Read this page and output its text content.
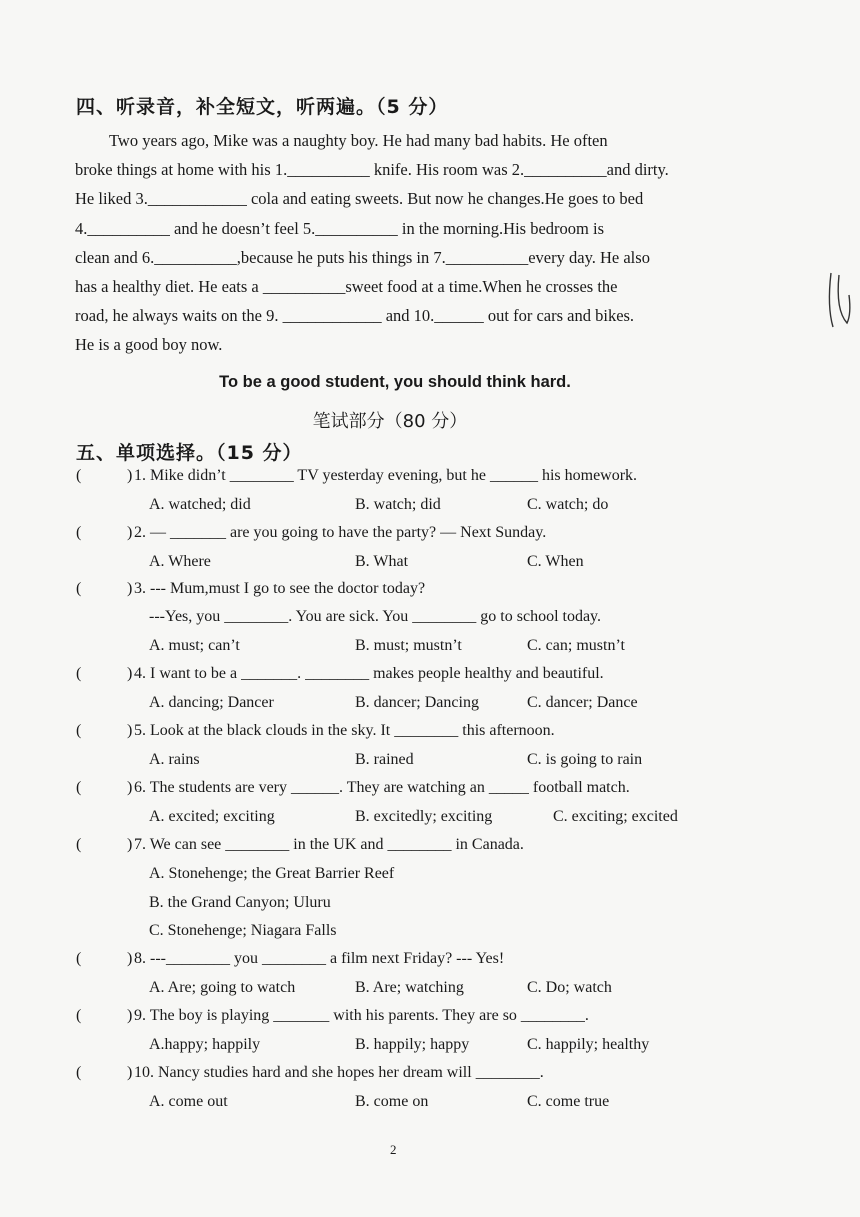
四、听录音，补全短文，听两遍。（5 分）

Two years ago, Mike was a naughty boy. He had many bad habits. He often

broke things at home with his 1.__________ knife. His room was 2.__________and dirty.

He liked 3.____________ cola and eating sweets. But now he changes.He goes to bed

4.__________ and he doesn’t feel 5.__________ in the morning.His bedroom is

clean and 6.__________,because he puts his things in 7.__________every day. He also

has a healthy diet. He eats a __________sweet food at a time.When he crosses the

road, he always waits on the 9. ____________ and 10.______ out for cars and bikes.

He is a good boy now.

To be a good student, you should think hard.
笔试部分（80 分）
五、单项选择。（15 分）
(	) 1. Mike didn’t ________ TV yesterday evening, but he ______ his homework.
A. watched; did	B. watch; did	C. watch; do
(	) 2. — _______ are you going to have the party? — Next Sunday.
A. Where	B. What	C. When
(	) 3. --- Mum,must I go to see the doctor today?
---Yes, you ________. You are sick. You ________ go to school today.
A. must; can’t	B. must; mustn’t	C. can; mustn’t
(	) 4. I want to be a _______. ________ makes people healthy and beautiful.
A. dancing; Dancer	B. dancer; Dancing	C. dancer; Dance
(	) 5. Look at the black clouds in the sky. It ________ this afternoon.
A. rains	B. rained	C. is going to rain
(	) 6. The students are very ______. They are watching an _____ football match.
A. excited; exciting	B. excitedly; exciting	C. exciting; excited
(	) 7. We can see ________ in the UK and ________ in Canada.
A. Stonehenge; the Great Barrier Reef
B. the Grand Canyon; Uluru
C. Stonehenge; Niagara Falls
(	) 8. ---________ you ________ a film next Friday? --- Yes!
A. Are; going to watch	B. Are; watching	C. Do; watch
(	) 9. The boy is playing _______ with his parents. They are so ________.
A.happy; happily	B. happily; happy	C. happily; healthy
(	) 10. Nancy studies hard and she hopes her dream will ________.
A. come out	B. come on	C. come true
2
